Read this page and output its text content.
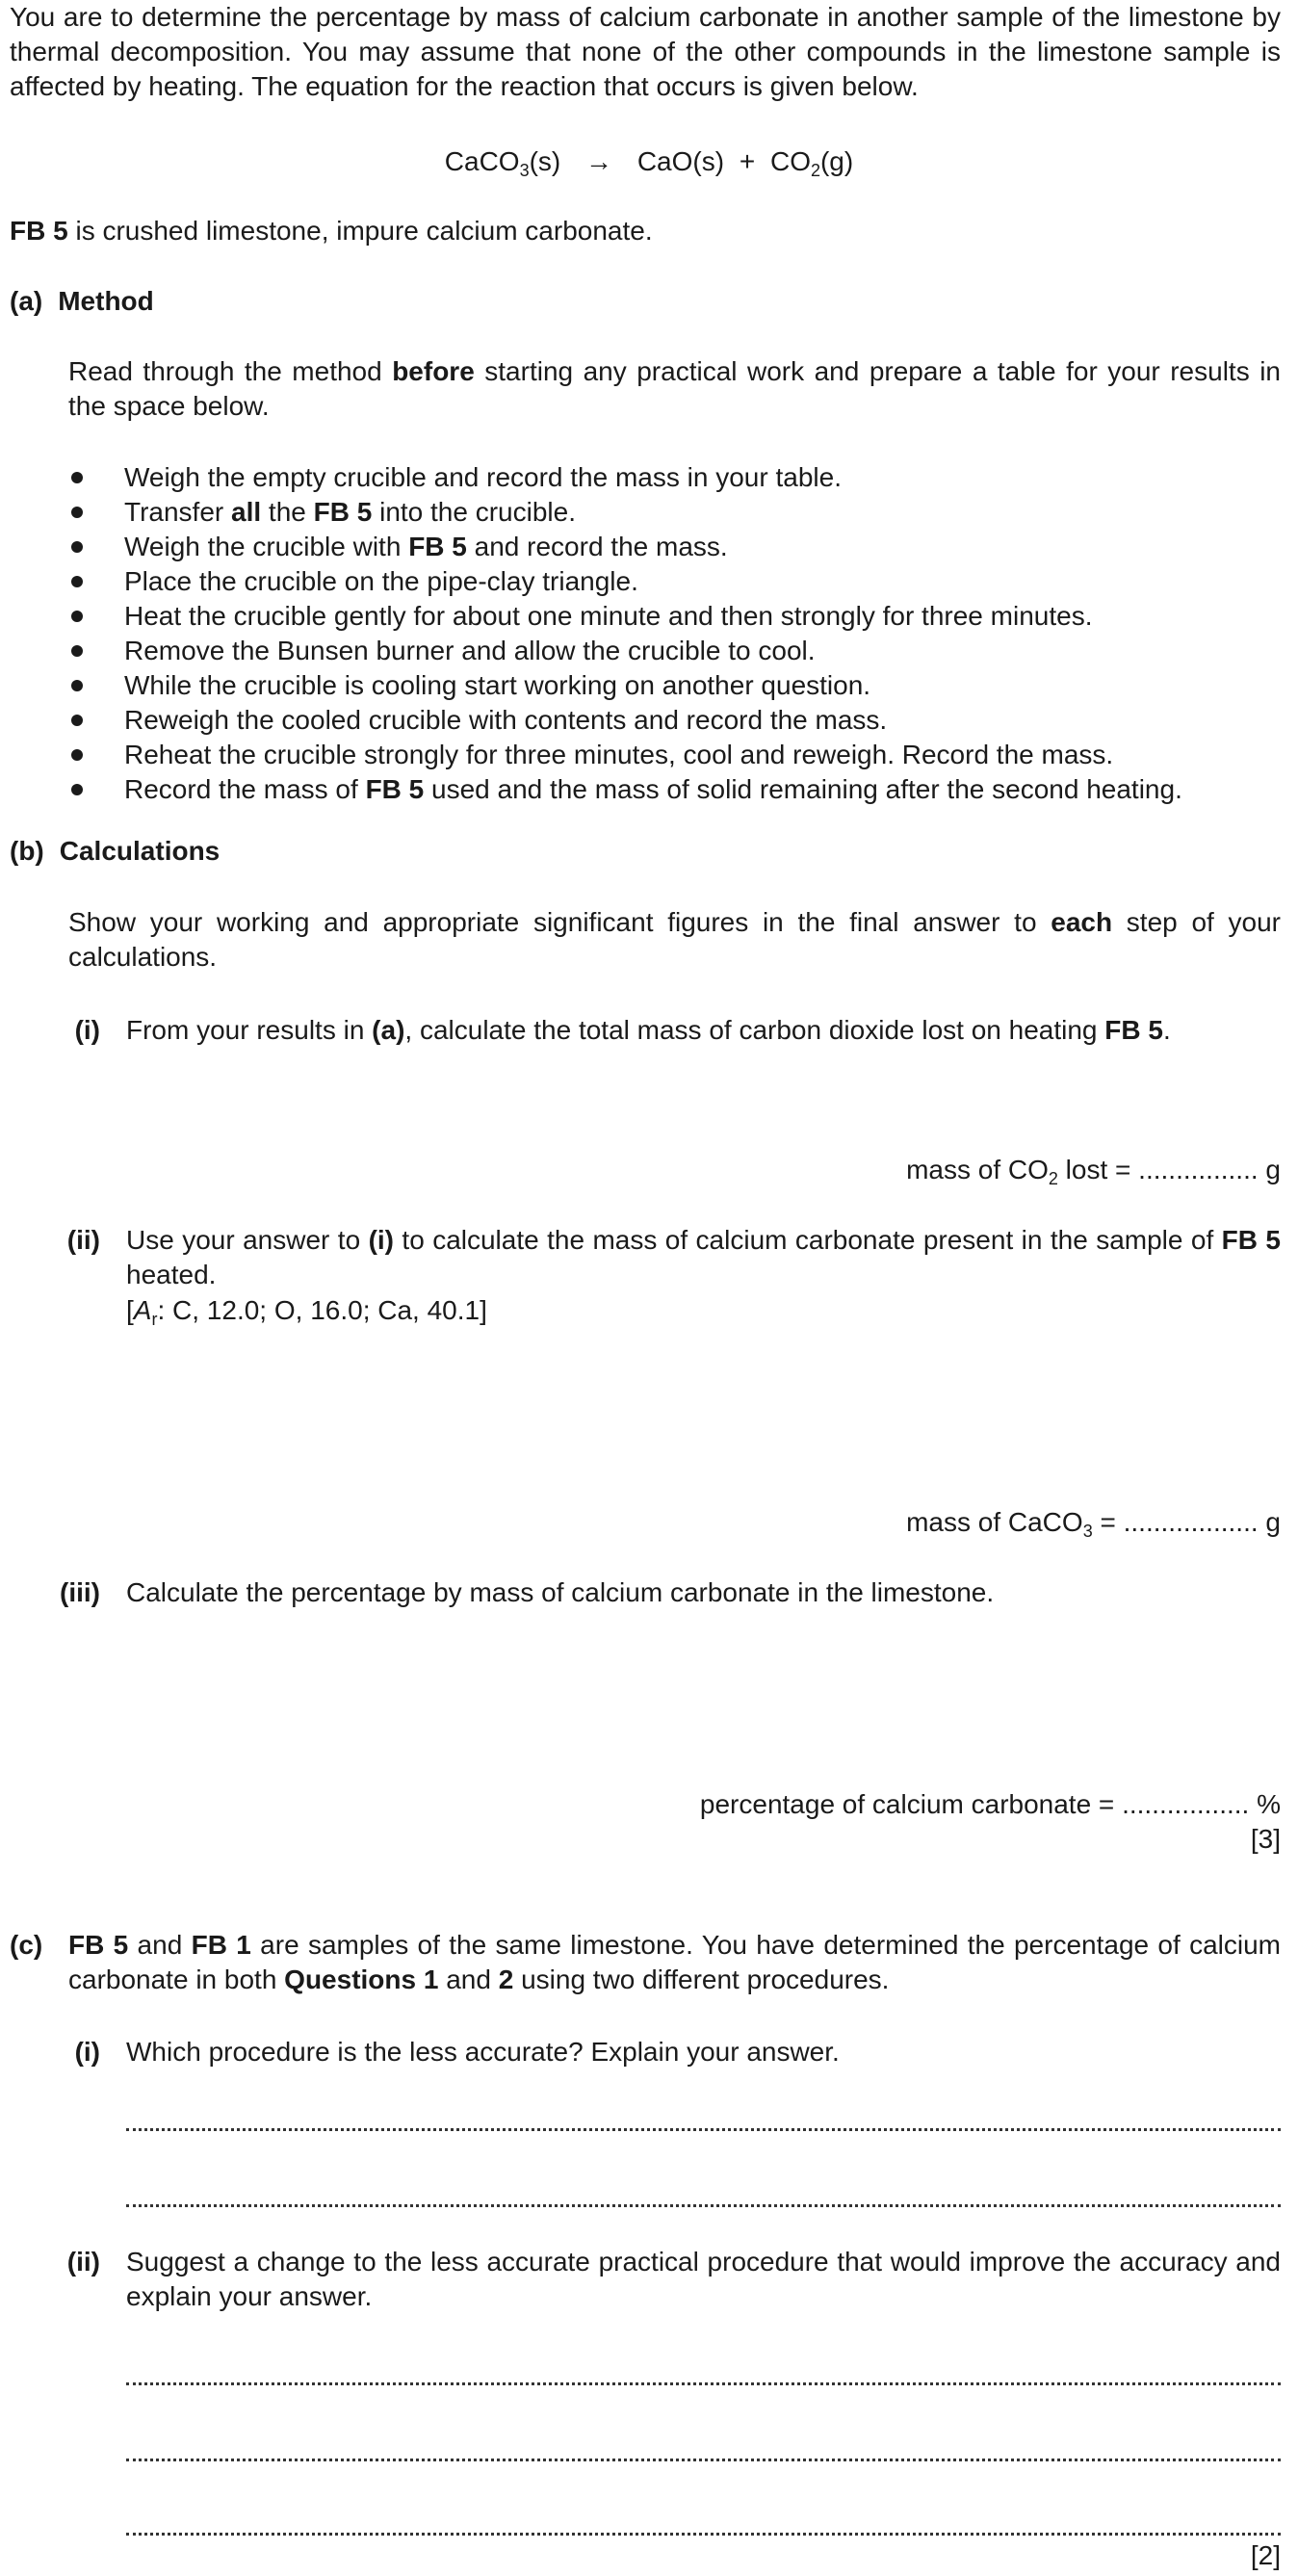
You are to determine the percentage by mass of calcium carbonate in another sample of the limestone by thermal decomposition. You may assume that none of the other compounds in the limestone sample is affected by heating. The equation for the reaction that occurs is given below.
CaCO$_3$(s) → $CaO(s) + CO_2(g)$
FB 5 is crushed limestone, impure calcium carbonate.
(a) Method
Read through the method before starting any practical work and prepare a table for your results in the space below.
Weigh the empty crucible and record the mass in your table.
Transfer all the FB 5 into the crucible.
Weigh the crucible with FB 5 and record the mass.
Place the crucible on the pipe-clay triangle.
Heat the crucible gently for about one minute and then strongly for three minutes.
Remove the Bunsen burner and allow the crucible to cool.
While the crucible is cooling start working on another question.
Reweigh the cooled crucible with contents and record the mass.
Reheat the crucible strongly for three minutes, cool and reweigh. Record the mass.
Record the mass of FB 5 used and the mass of solid remaining after the second heating.
(b) Calculations
Show your working and appropriate significant figures in the final answer to each step of your calculations.
(i) From your results in (a), calculate the total mass of carbon dioxide lost on heating FB 5.
mass of $CO_2$ lost = ................ g
(ii) Use your answer to (i) to calculate the mass of calcium carbonate present in the sample of FB 5 heated.
[$A_r$: C, 12.0; O, 16.0; Ca, 40.1]
mass of CaCO$_3$ = .................. g
(iii) Calculate the percentage by mass of calcium carbonate in the limestone.
percentage of calcium carbonate = ................. %
[3]
(c) FB 5 and FB 1 are samples of the same limestone. You have determined the percentage of calcium carbonate in both Questions 1 and 2 using two different procedures.
(i) Which procedure is the less accurate? Explain your answer.
(ii) Suggest a change to the less accurate practical procedure that would improve the accuracy and explain your answer.
[2]
